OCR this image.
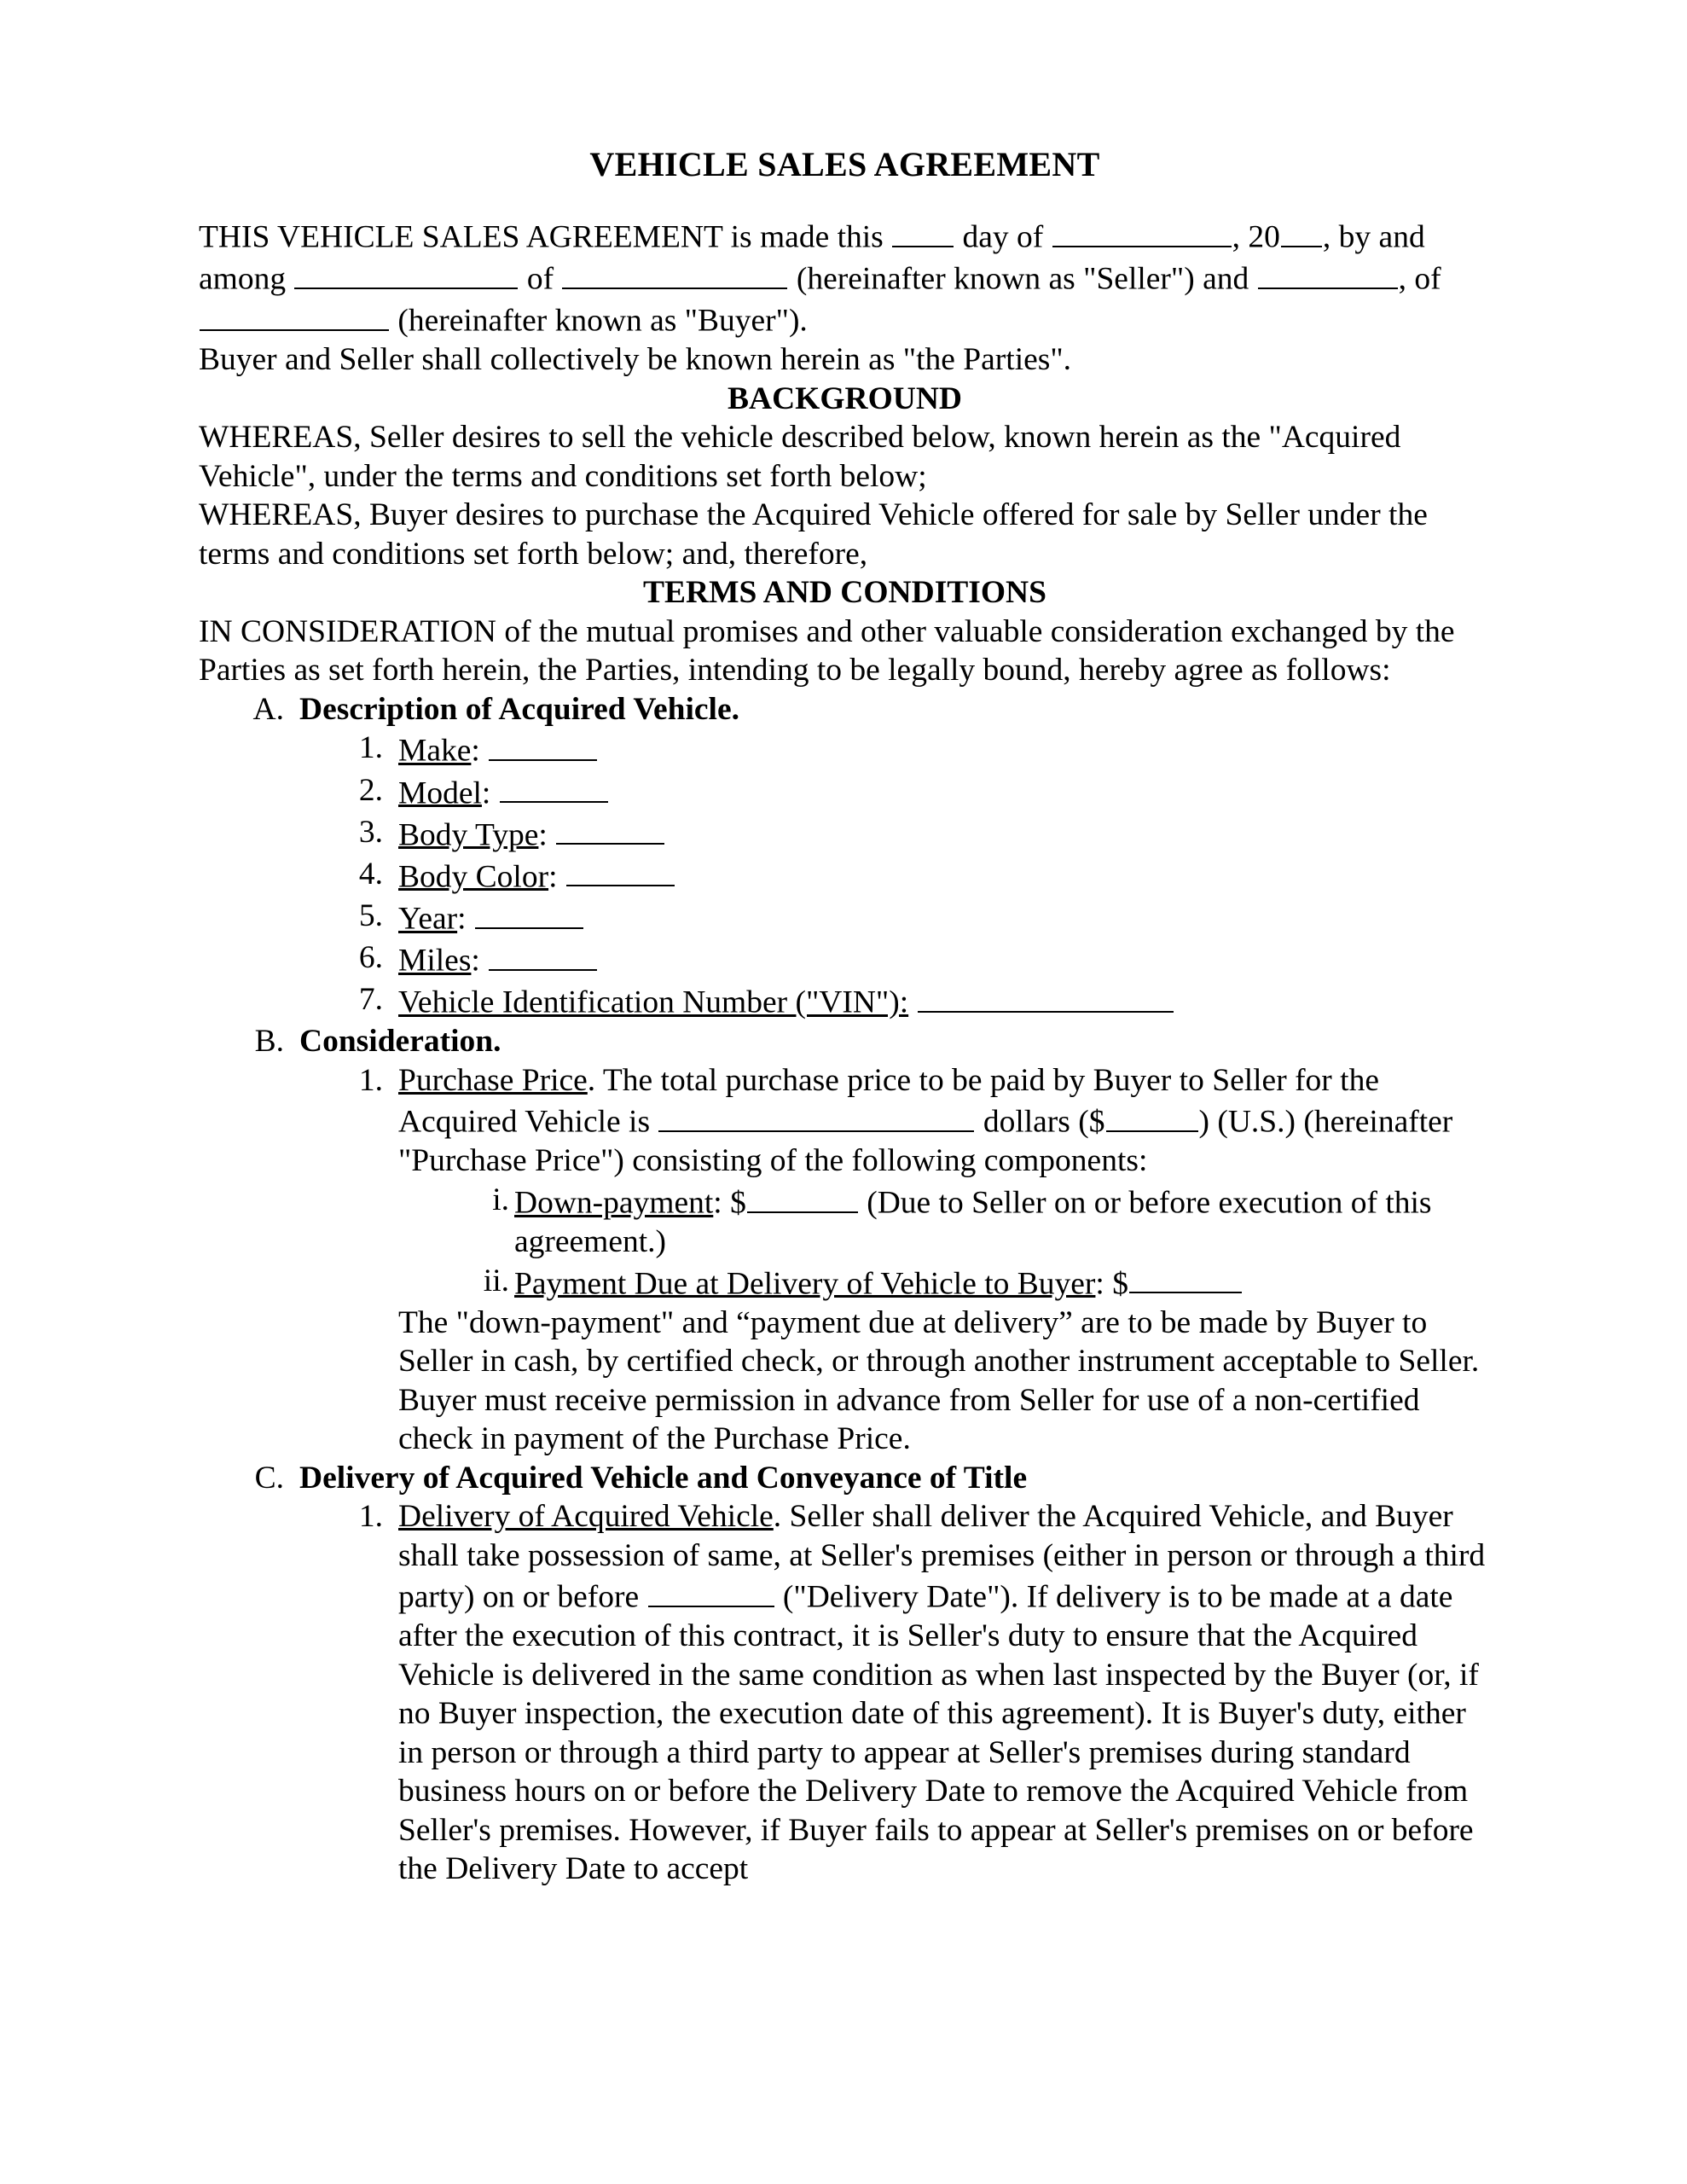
VEHICLE SALES AGREEMENT

THIS VEHICLE SALES AGREEMENT is made this  day of	, 20 , by and among	of	(hereinafter known as "Seller") and	, of  (hereinafter known as "Buyer").

Buyer and Seller shall collectively be known herein as "the Parties".

BACKGROUND

WHEREAS, Seller desires to sell the vehicle described below, known herein as the "Acquired Vehicle", under the terms and conditions set forth below;

WHEREAS, Buyer desires to purchase the Acquired Vehicle offered for sale by Seller under the terms and conditions set forth below; and, therefore,

TERMS AND CONDITIONS

IN CONSIDERATION of the mutual promises and other valuable consideration exchanged by the Parties as set forth herein, the Parties, intending to be legally bound, hereby agree as follows:

A. Description of Acquired Vehicle.
1. Make:
2. Model:
3. Body Type:
4. Body Color:
5. Year:
6. Miles:
7. Vehicle Identification Number ("VIN"):
B. Consideration.
1. Purchase Price. The total purchase price to be paid by Buyer to Seller for the Acquired Vehicle is	dollars ($	) (U.S.) (hereinafter "Purchase Price") consisting of the following components:
i. Down-payment: $	(Due to Seller on or before execution of this agreement.)
ii. Payment Due at Delivery of Vehicle to Buyer: $

The "down-payment" and “payment due at delivery” are to be made by Buyer to Seller in cash, by certified check, or through another instrument acceptable to Seller. Buyer must receive permission in advance from Seller for use of a non-certified check in payment of the Purchase Price.

C. Delivery of Acquired Vehicle and Conveyance of Title
1. Delivery of Acquired Vehicle. Seller shall deliver the Acquired Vehicle, and Buyer shall take possession of same, at Seller's premises (either in person or through a third party) on or before	("Delivery Date"). If delivery is to be made at a date after the execution of this contract, it is Seller's duty to ensure that the Acquired Vehicle is delivered in the same condition as when last inspected by the Buyer (or, if no Buyer inspection, the execution date of this agreement). It is Buyer's duty, either in person or through a third party to appear at Seller's premises during standard business hours on or before the Delivery Date to remove the Acquired Vehicle from Seller's premises. However, if Buyer fails to appear at Seller's premises on or before the Delivery Date to accept
